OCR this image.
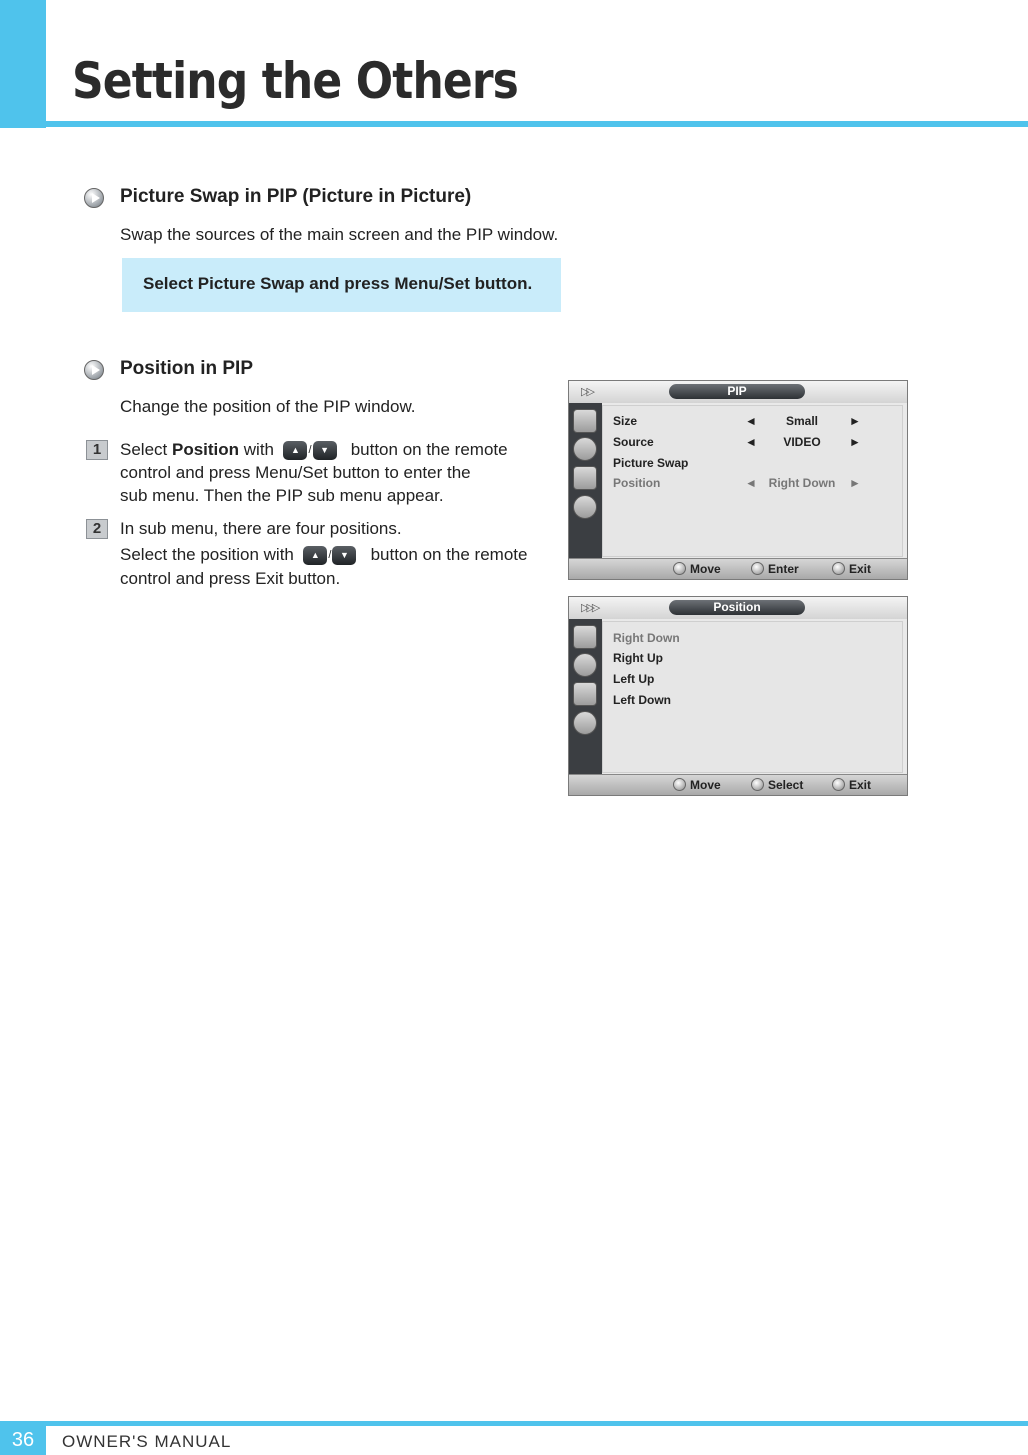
Setting the Others
Picture Swap in PIP (Picture in Picture)
Swap the sources of the main screen and the PIP window.
Select Picture Swap and press Menu/Set button.
Position in PIP
Change the position of the PIP window.
1	Select Position with ▲ / ▼ button on the remote
control and press Menu/Set button to enter the
sub menu. Then the PIP sub menu appear.
2	In sub menu, there are four positions.
Select the position with ▲ / ▼ button on the remote
control and press Exit button.
▷▷	PIP
Size	◄	Small	►
Source	◄	VIDEO	►
Picture Swap
Position	◄ Right Down	►
Move	Enter	Exit
▷▷▷	Position
Right Down
Right Up
Left Up
Left Down
Move	Select	Exit
36	OWNER'S MANUAL
